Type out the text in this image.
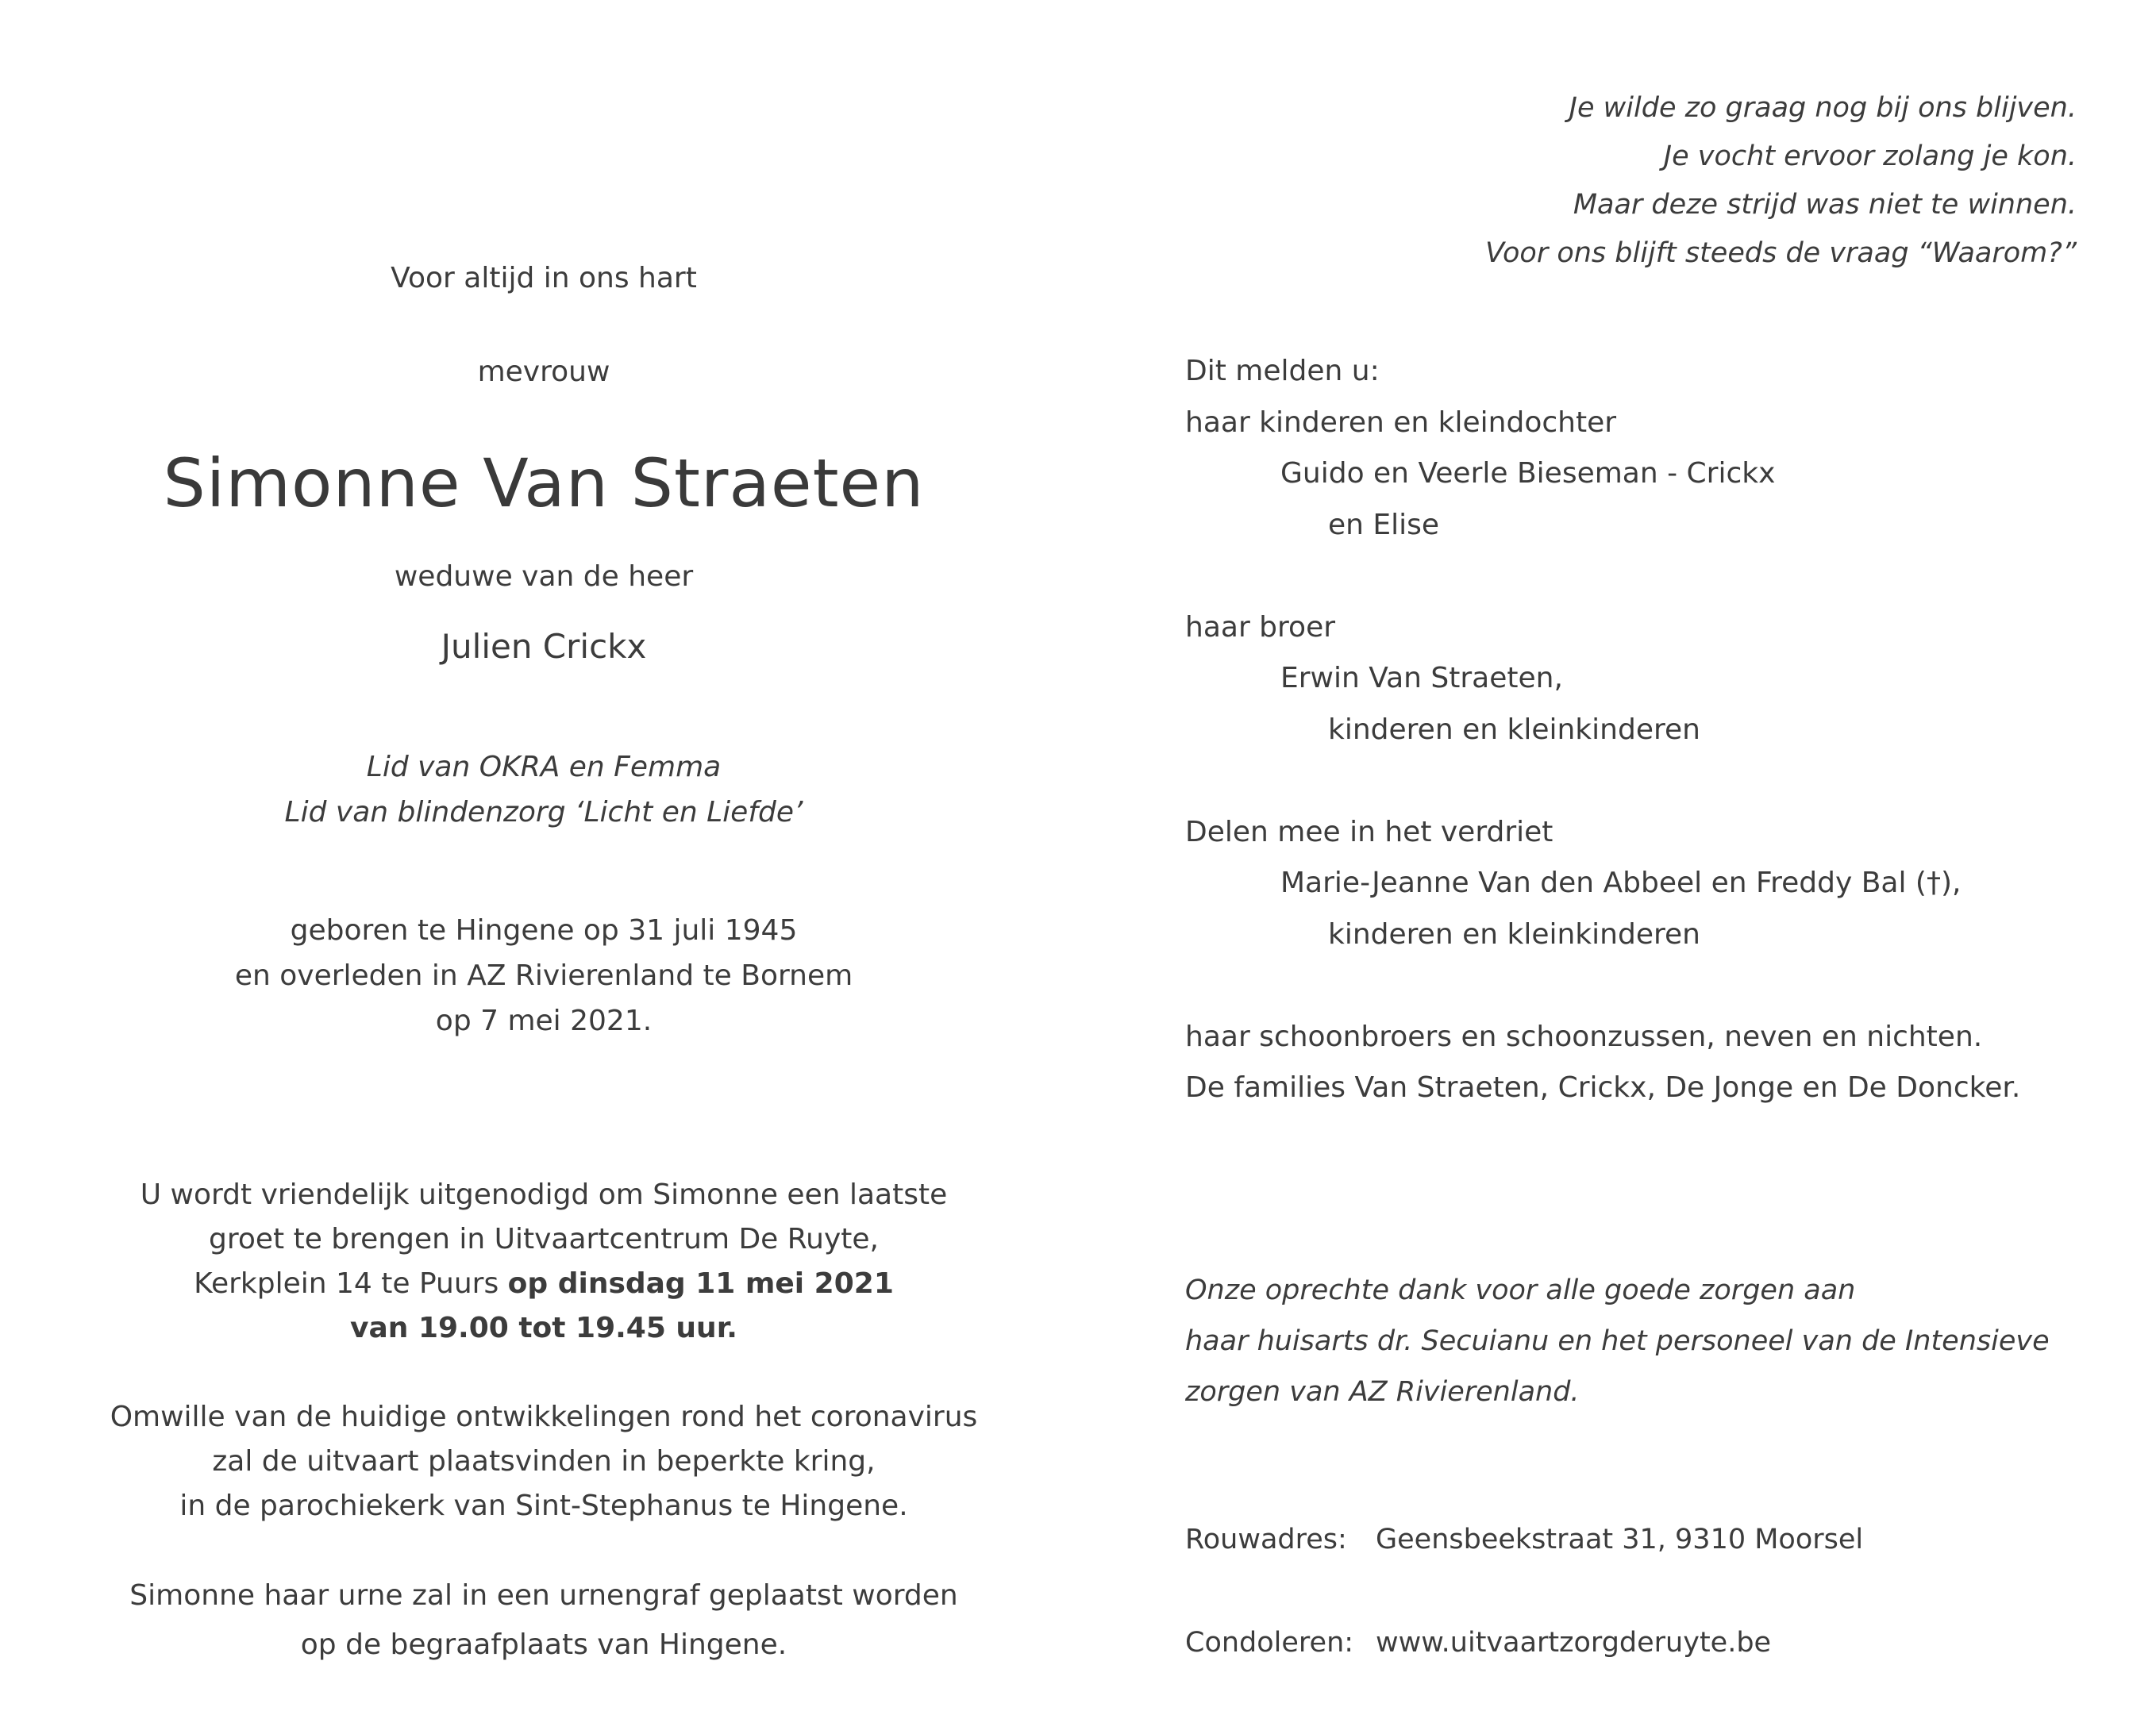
Voor altijd in ons hart
mevrouw
Simonne Van Straeten
weduwe van de heer
Julien Crickx
Lid van OKRA en Femma
Lid van blindenzorg ‘Licht en Liefde’
geboren te Hingene op 31 juli 1945
en overleden in AZ Rivierenland te Bornem
op 7 mei 2021.
U wordt vriendelijk uitgenodigd om Simonne een laatste
groet te brengen in Uitvaartcentrum De Ruyte,
Kerkplein 14 te Puurs op dinsdag 11 mei 2021
van 19.00 tot 19.45 uur.
Omwille van de huidige ontwikkelingen rond het coronavirus
zal de uitvaart plaatsvinden in beperkte kring,
in de parochiekerk van Sint-Stephanus te Hingene.
Simonne haar urne zal in een urnengraf geplaatst worden
op de begraafplaats van Hingene.
Je wilde zo graag nog bij ons blijven.
Je vocht ervoor zolang je kon.
Maar deze strijd was niet te winnen.
Voor ons blijft steeds de vraag “Waarom?”
Dit melden u:
haar kinderen en kleindochter
Guido en Veerle Bieseman - Crickx
en Elise
haar broer
Erwin Van Straeten,
kinderen en kleinkinderen
Delen mee in het verdriet
Marie-Jeanne Van den Abbeel en Freddy Bal (†),
kinderen en kleinkinderen
haar schoonbroers en schoonzussen, neven en nichten.
De families Van Straeten, Crickx, De Jonge en De Doncker.
Onze oprechte dank voor alle goede zorgen aan
haar huisarts dr. Secuianu en het personeel van de Intensieve
zorgen van AZ Rivierenland.
Rouwadres: Geensbeekstraat 31, 9310 Moorsel
Condoleren: www.uitvaartzorgderuyte.be
